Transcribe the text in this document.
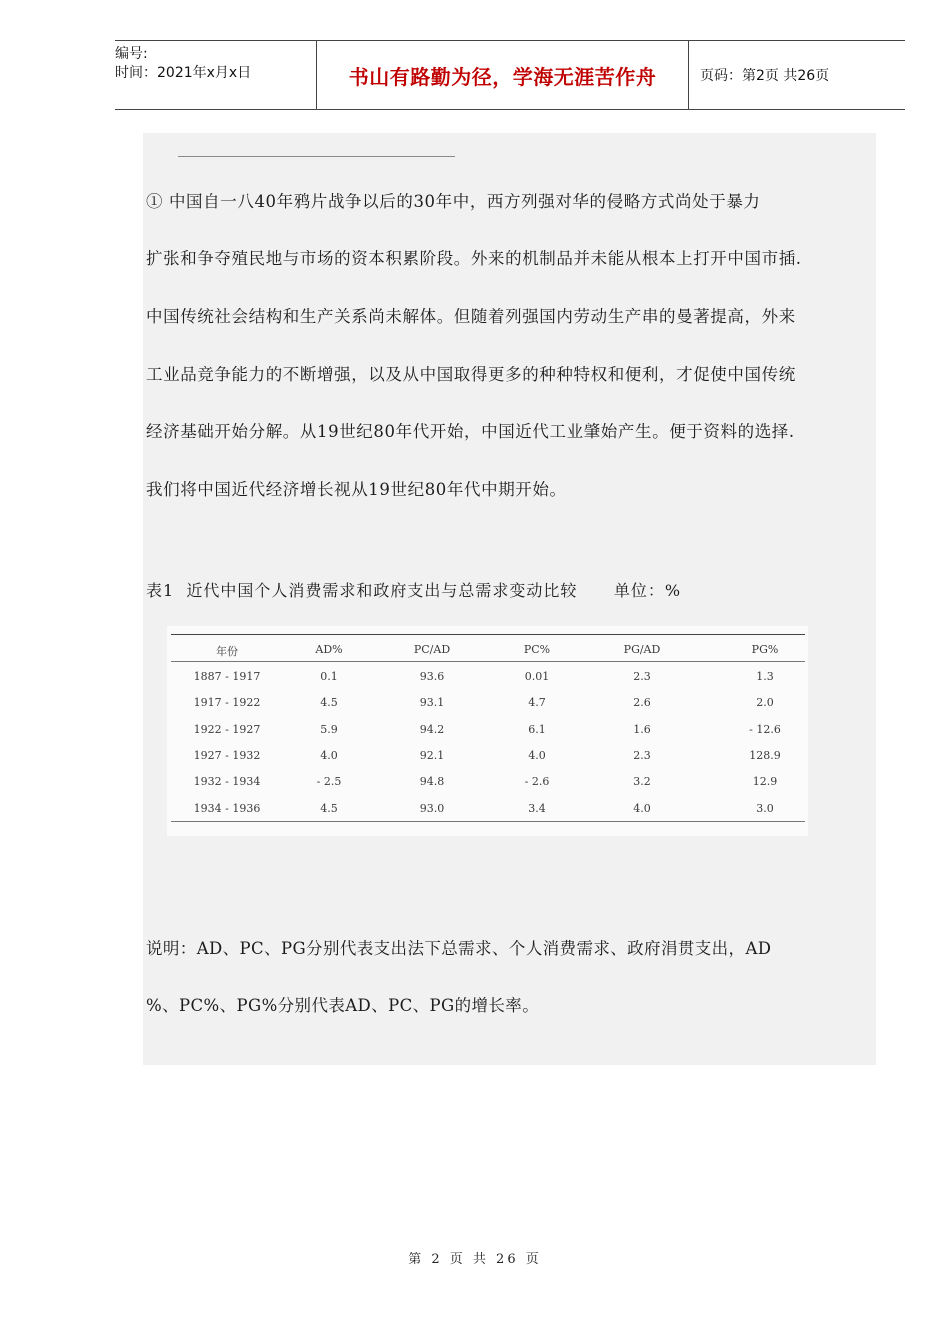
编号:
时间：2021年x月x日	书山有路勤为径，学海无涯苦作舟	页码：第2页 共26页
① 中国自一八40年鸦片战争以后的30年中，西方列强对华的侵略方式尚处于暴力
扩张和争夺殖民地与市场的资本积累阶段。外来的机制品并未能从根本上打开中国市插.
中国传统社会结构和生产关系尚未解体。但随着列强国内劳动生产串的曼著提高，外来
工业品竞争能力的不断增强，以及从中国取得更多的种种特权和便利，才促使中国传统
经济基础开始分解。从19世纪80年代开始，中国近代工业肇始产生。便于资料的选择.
我们将中国近代经济增长视从19世纪80年代中期开始。
表1  近代中国个人消费需求和政府支出与总需求变动比较      单位：%
年份	AD%	PC/AD	PC%	PG/AD	PG%
1887 - 1917	0.1	93.6	0.01	2.3	1.3
1917 - 1922	4.5	93.1	4.7	2.6	2.0
1922 - 1927	5.9	94.2	6.1	1.6	- 12.6
1927 - 1932	4.0	92.1	4.0	2.3	128.9
1932 - 1934	- 2.5	94.8	- 2.6	3.2	12.9
1934 - 1936	4.5	93.0	3.4	4.0	3.0
说明：AD、PC、PG分别代表支出法下总需求、个人消费需求、政府涓贯支出，AD
%、PC%、PG%分别代表AD、PC、PG的增长率。
第 2 页 共 26 页
